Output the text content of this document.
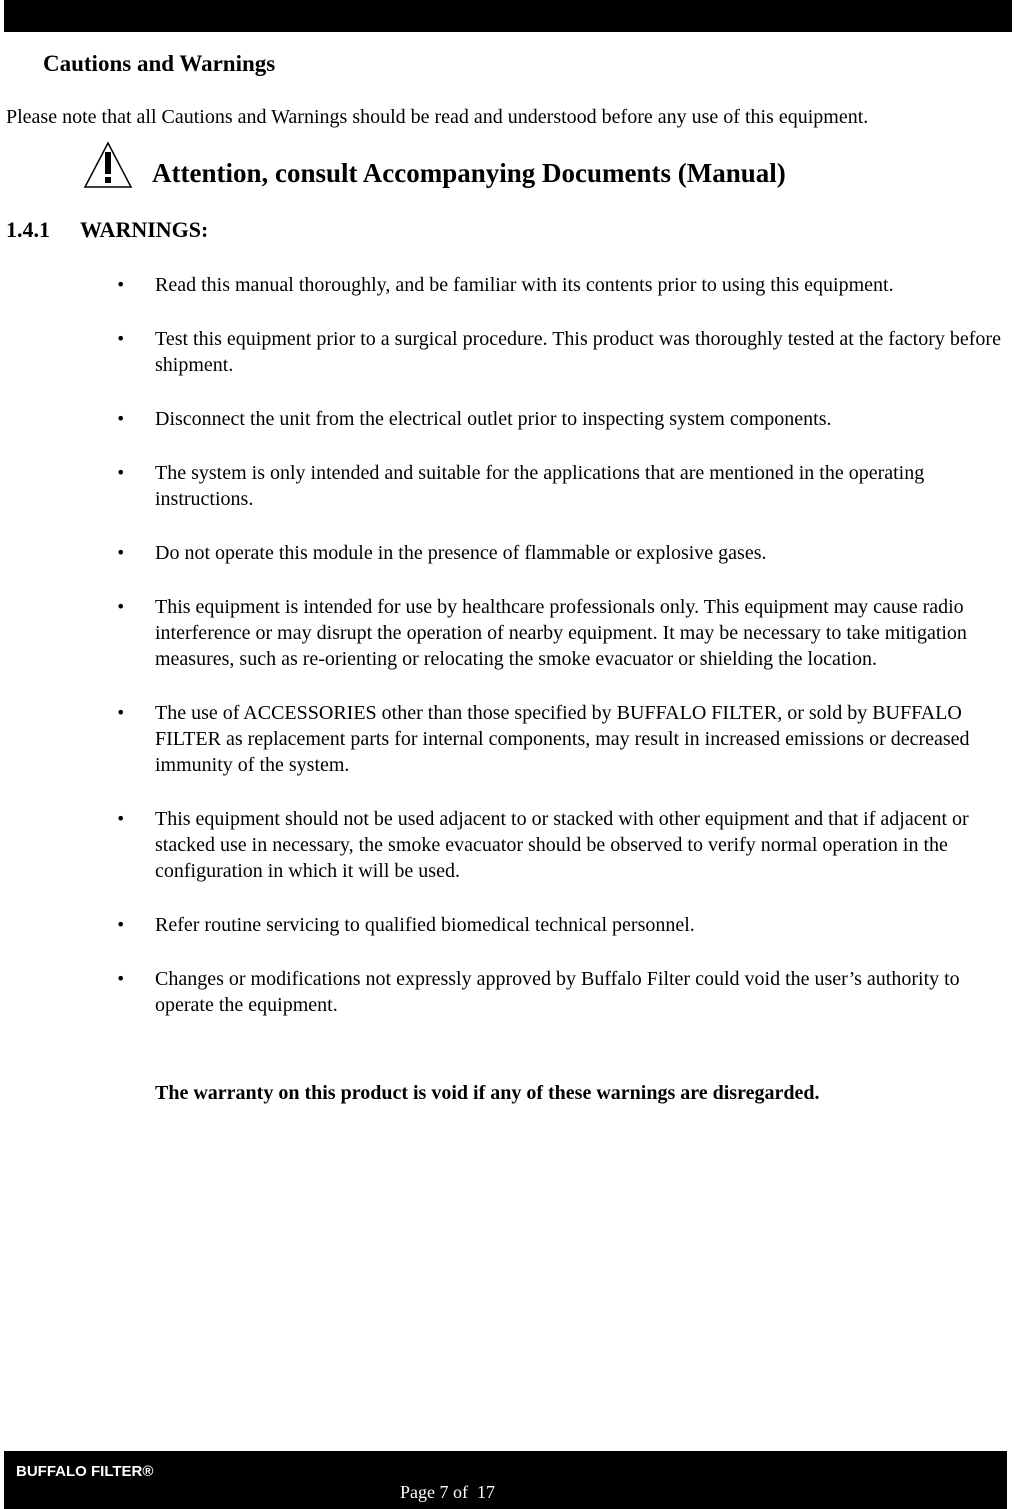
Cautions and Warnings

Please note that all Cautions and Warnings should be read and understood before any use of this equipment.

Attention, consult Accompanying Documents (Manual)

1.4.1 WARNINGS:
• Read this manual thoroughly, and be familiar with its contents prior to using this equipment.
• Test this equipment prior to a surgical procedure. This product was thoroughly tested at the factory before shipment.
• Disconnect the unit from the electrical outlet prior to inspecting system components.
• The system is only intended and suitable for the applications that are mentioned in the operating instructions.
• Do not operate this module in the presence of flammable or explosive gases.
• This equipment is intended for use by healthcare professionals only. This equipment may cause radio interference or may disrupt the operation of nearby equipment. It may be necessary to take mitigation measures, such as re-orienting or relocating the smoke evacuator or shielding the location.
• The use of ACCESSORIES other than those specified by BUFFALO FILTER, or sold by BUFFALO FILTER as replacement parts for internal components, may result in increased emissions or decreased immunity of the system.
• This equipment should not be used adjacent to or stacked with other equipment and that if adjacent or stacked use in necessary, the smoke evacuator should be observed to verify normal operation in the configuration in which it will be used.
• Refer routine servicing to qualified biomedical technical personnel.
• Changes or modifications not expressly approved by Buffalo Filter could void the user’s authority to operate the equipment.

The warranty on this product is void if any of these warnings are disregarded.

BUFFALO FILTER®

Page 7 of  17
